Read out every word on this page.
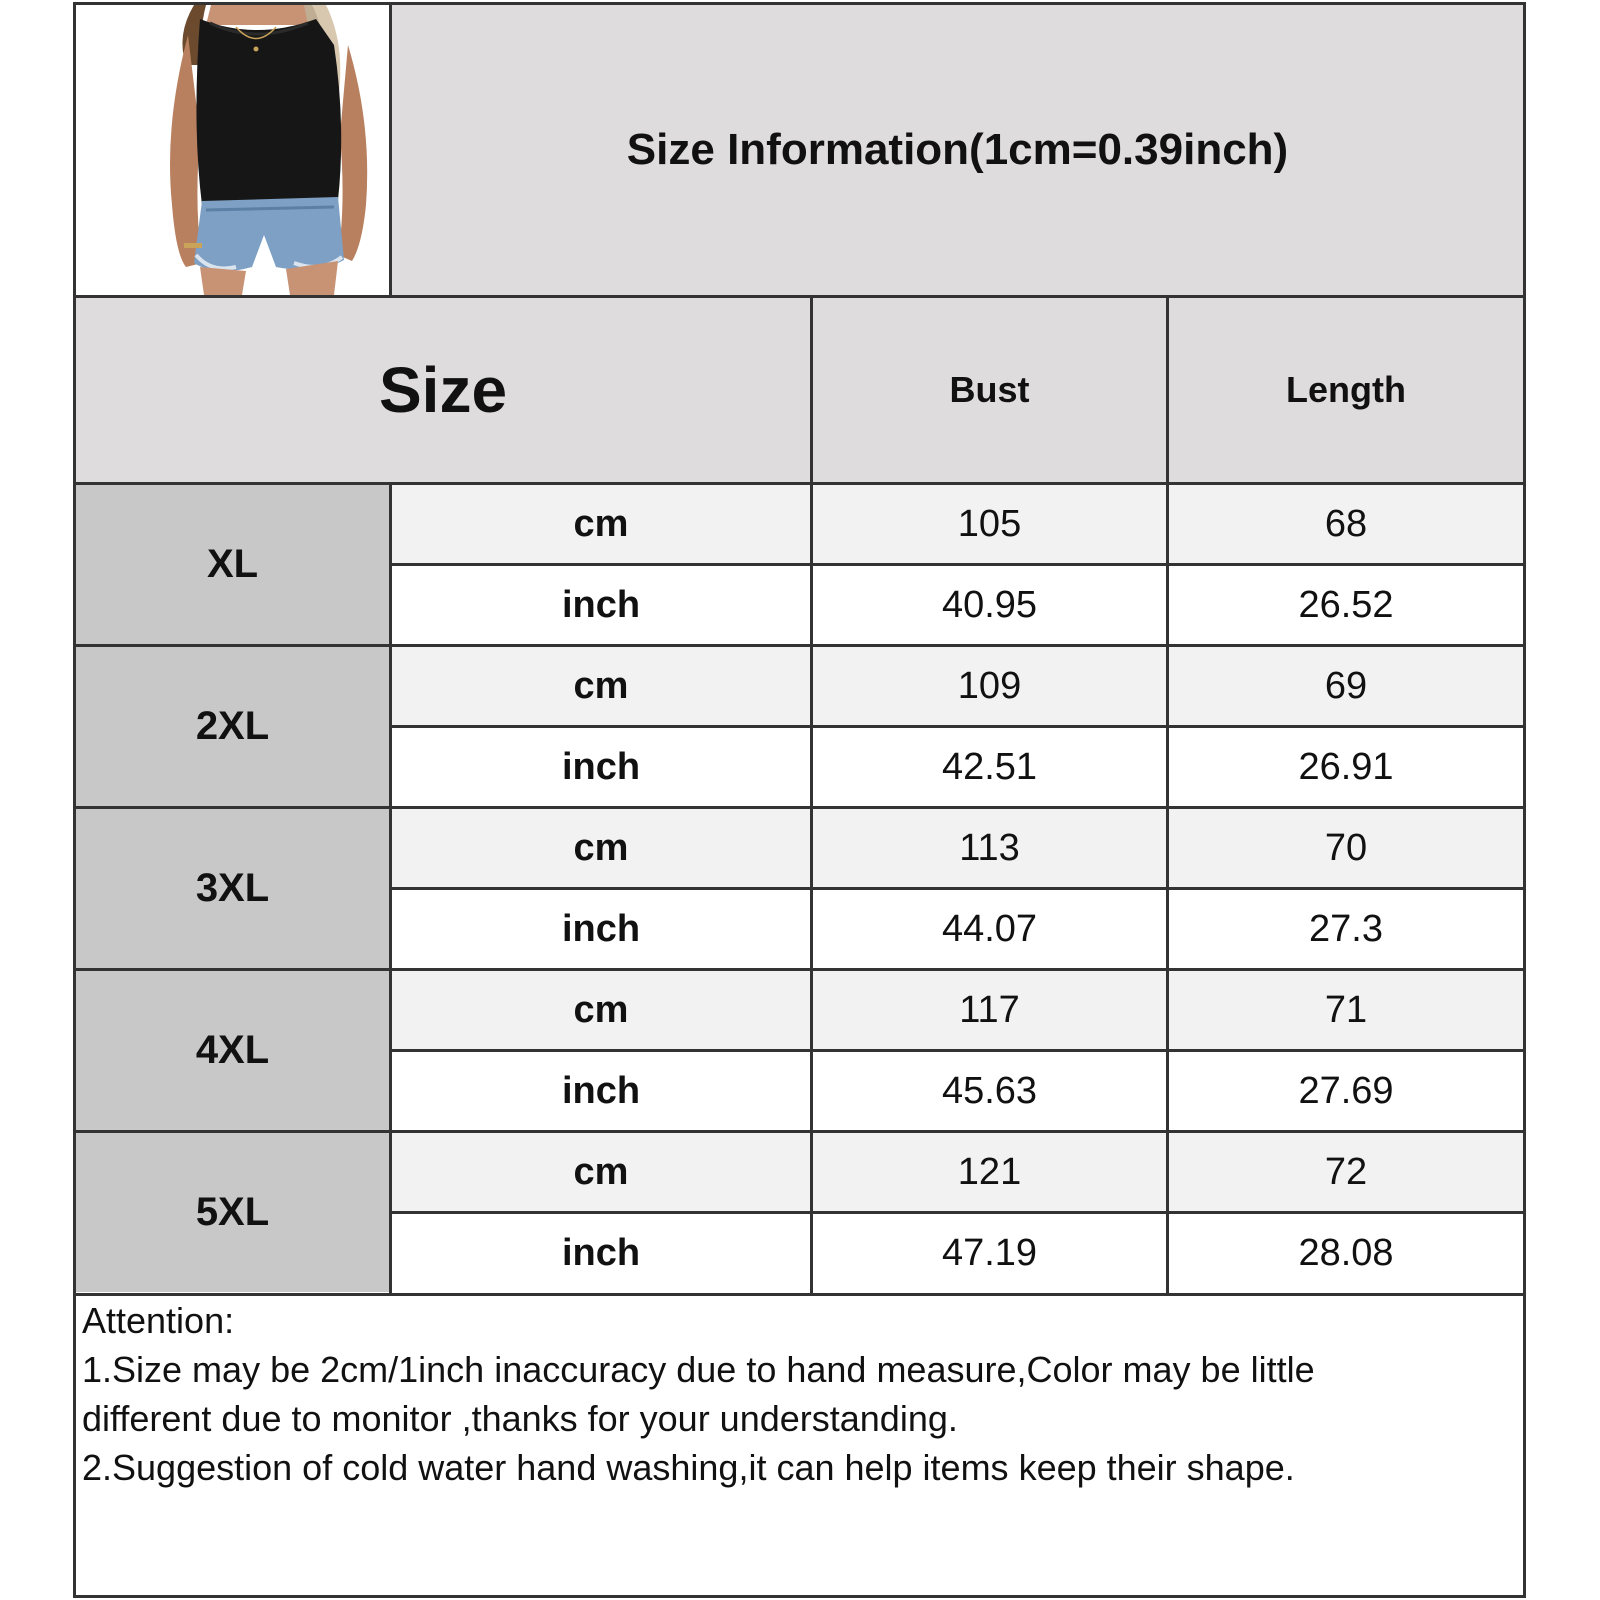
Size Information(1cm=0.39inch)
Size	Bust	Length
XL
cm	105	68
inch	40.95	26.52
2XL
cm	109	69
inch	42.51	26.91
3XL
cm	113	70
inch	44.07	27.3
4XL
cm	117	71
inch	45.63	27.69
5XL
cm	121	72
inch	47.19	28.08
Attention:
1.Size may be 2cm/1inch inaccuracy due to hand measure,Color may be little
different due to monitor ,thanks for your understanding.
2.Suggestion of cold water hand washing,it can help items keep their shape.
